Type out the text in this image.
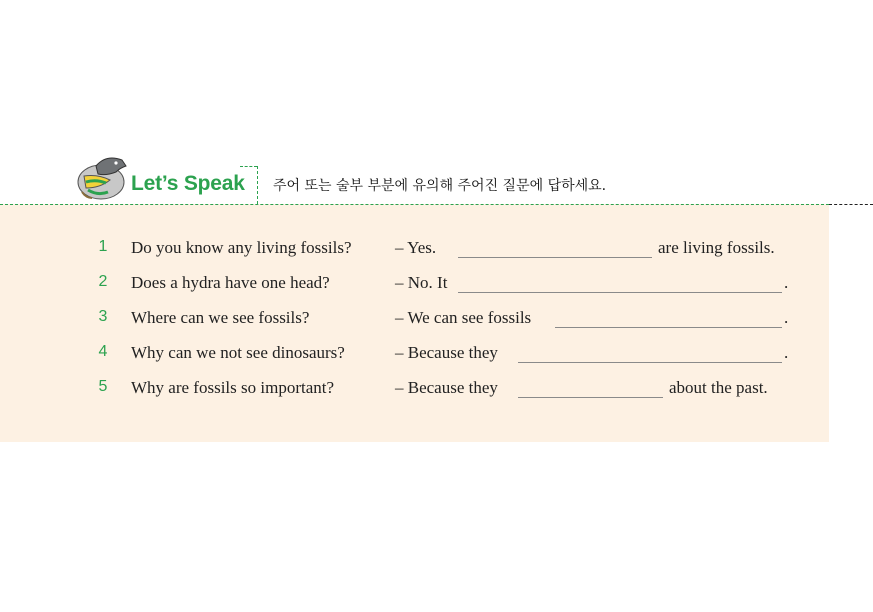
Let’s Speak 주어 또는 술부 부분에 유의해 주어진 질문에 답하세요.
1 Do you know any living fossils?	– Yes.	are living fossils.
2 Does a hydra have one head?	– No. It	.
3 Where can we see fossils?	– We can see fossils	.
4 Why can we not see dinosaurs?	– Because they	.
5 Why are fossils so important?	– Because they	about the past.
